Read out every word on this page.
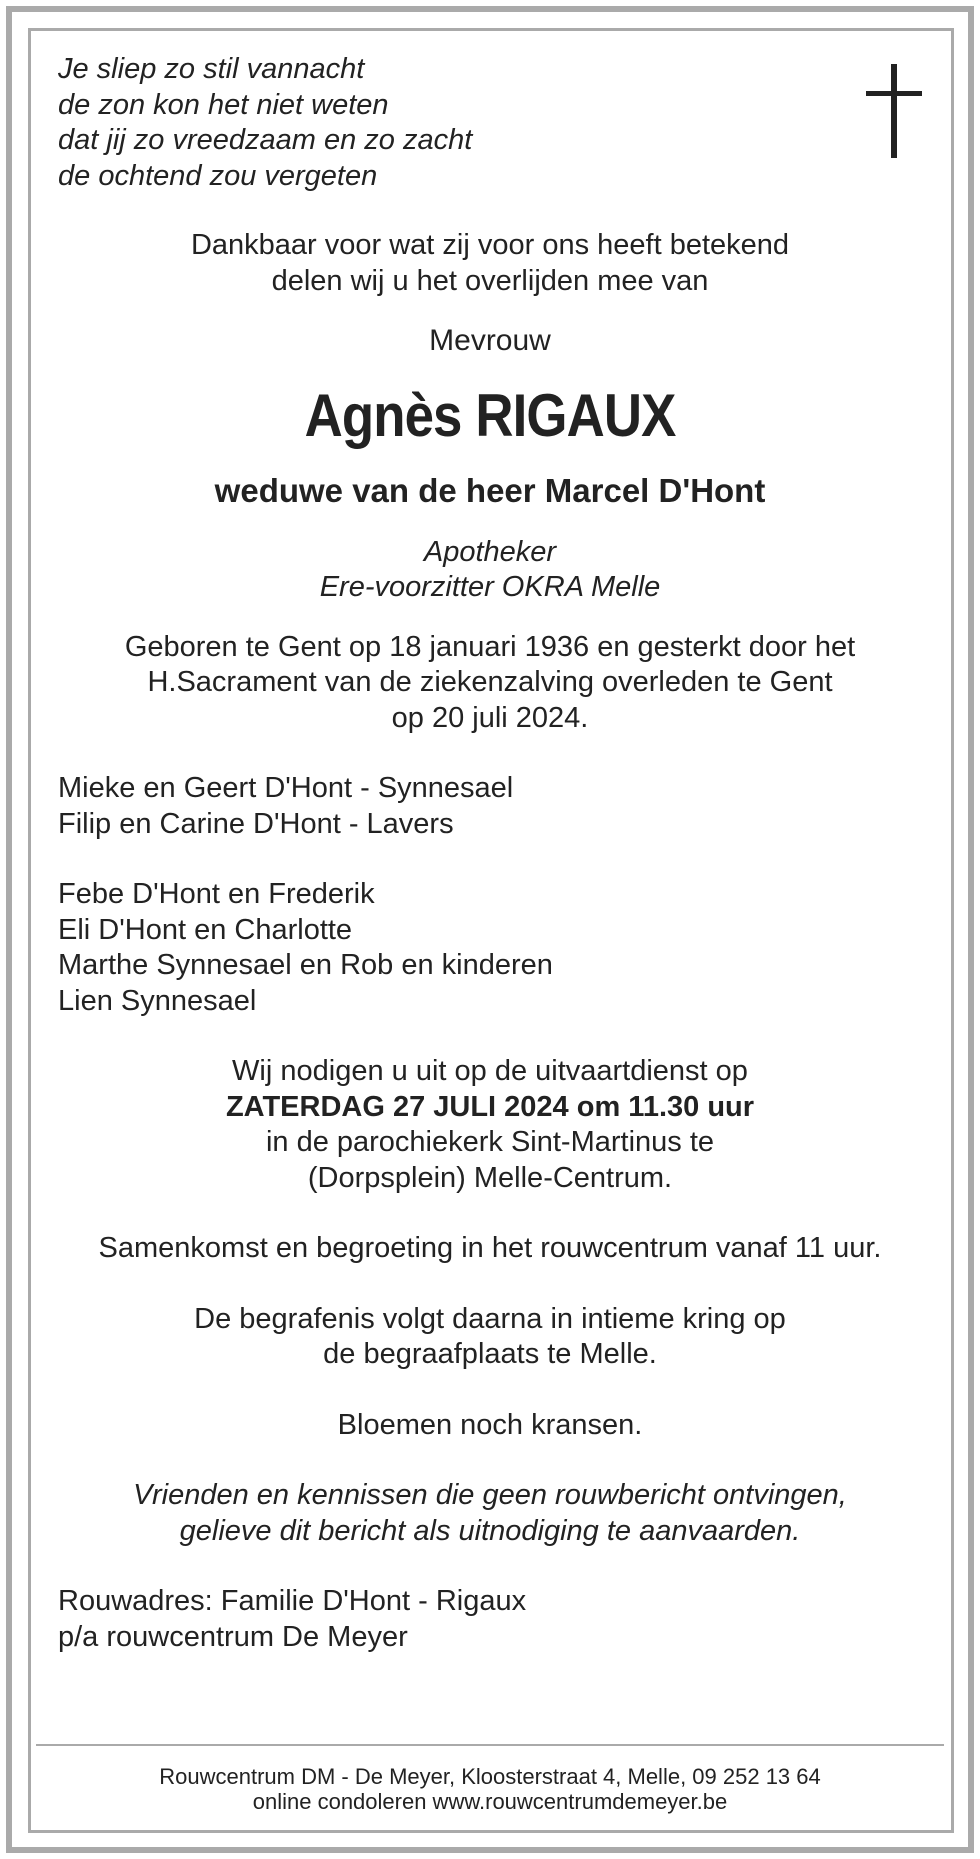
Je sliep zo stil vannacht
de zon kon het niet weten
dat jij zo vreedzaam en zo zacht
de ochtend zou vergeten
Dankbaar voor wat zij voor ons heeft betekend
delen wij u het overlijden mee van
Mevrouw
Agnès RIGAUX
weduwe van de heer Marcel D'Hont
Apotheker
Ere-voorzitter OKRA Melle
Geboren te Gent op 18 januari 1936 en gesterkt door het
H.Sacrament van de ziekenzalving overleden te Gent
op 20 juli 2024.
Mieke en Geert D'Hont - Synnesael
Filip en Carine D'Hont - Lavers
Febe D'Hont en Frederik
Eli D'Hont en Charlotte
Marthe Synnesael en Rob en kinderen
Lien Synnesael
Wij nodigen u uit op de uitvaartdienst op
ZATERDAG 27 JULI 2024 om 11.30 uur
in de parochiekerk Sint-Martinus te
(Dorpsplein) Melle-Centrum.
Samenkomst en begroeting in het rouwcentrum vanaf 11 uur.
De begrafenis volgt daarna in intieme kring op
de begraafplaats te Melle.
Bloemen noch kransen.
Vrienden en kennissen die geen rouwbericht ontvingen,
gelieve dit bericht als uitnodiging te aanvaarden.
Rouwadres: Familie D'Hont - Rigaux
p/a rouwcentrum De Meyer
Rouwcentrum DM - De Meyer, Kloosterstraat 4, Melle, 09 252 13 64
online condoleren www.rouwcentrumdemeyer.be
